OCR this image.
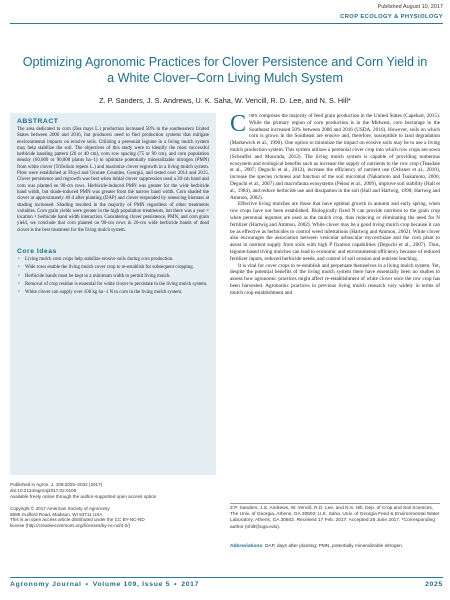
Published August 10, 2017
CROP ECOLOGY & PHYSIOLOGY
Optimizing Agronomic Practices for Clover Persistence and Corn Yield in a White Clover–Corn Living Mulch System
Z. P. Sanders, J. S. Andrews, U. K. Saha, W. Vencill, R. D. Lee, and N. S. Hill*
ABSTRACT

The area dedicated to corn (Zea mays L.) production increased 50% in the southeastern United States between 2006 and 2016, but producers need to find production systems that mitigate environmental impacts on erosive soils. Utilizing a perennial legume in a living mulch system may help stabilize the soil. The objectives of this study were to identify the most successful herbicide banding pattern (20 or 40 cm), corn row spacing (75 or 90 cm), and corn population density (60,000 or 90,000 plants ha−1) to optimize potentially mineralizable nitrogen (PMN) from white clover (Trifolium repens L.) and maximize clover regrowth in a living mulch system. Plots were established at Floyd and Oconee Counties, Georgia, and tested over 2014 and 2015. Clover persistence and regrowth was best when initial clover suppression used a 20-cm band and corn was planted on 90-cm rows. Herbicide-induced PMN was greater for the wide herbicide band width, but shade-induced PMN was greater from the narrow band width. Corn shaded the clover at approximately 40 d after planting (DAP) and clover responded by senescing biomass at shading increased. Shading resulted in the majority of PMN regardless of other treatments variables. Corn grain yields were greater in the high population treatments, but there was a year × location × herbicide band width interaction. Considering clover persistence, PMN, and corn grain yield, we conclude that corn planted on 90-cm rows in 20-cm wide herbicide bands of dead clover is the best treatment for the living mulch system.

Core Ideas
• Living mulch corn crops help stabilize erosive soils during corn production.
• Wide rows enable the living mulch cover crop to re-establish for subsequent cropping.
• Herbicide bands must be kept to a minimum width to permit living mulch.
• Removal of crop residue is essential for white clover to persistate in the living mulch system.
• White clover can supply over 100 kg ha−1 N to corn in the living mulch system.
Published in Agron. J. 109:2025–2032 (2017)
doi:10.2134/agronj2017.02.0106
Available freely online through the author-supported open access option

Copyright © 2017 American Society of Agronomy
5585 Guilford Road, Madison, WI 53711 USA
This is an open access article distributed under the CC BY-NC-ND
license (http://creativecommons.org/licenses/by-nc-nd/4.0/)

Corn comprises the majority of feed grain production in the United States (Capehart, 2015). While the primary region of corn production is in the Midwest, corn hectarage in the Southeast increased 50% between 2006 and 2016 (USDA, 2016). However, soils on which corn is grown in the Southeast are erosive and, therefore, susceptible to land degradation (Markewich et al., 1990). One option to minimize the impact on erosive soils may be to use a living mulch production system. This system utilizes a perennial cover crop into which row crops are sown (Scheaffer and Moncada, 2012). The living mulch system is capable of providing numerous ecosystem and ecological benefits such as increase the supply of nutrients to the row crop (Teasdale et al., 2007; Deguchi et al., 2012), increase the efficiency of nutrient use (Ochsner et al., 2010), increase the species richness and function of the soil microbial (Nakamoto and Tsukamoto, 2006; Deguchi et al., 2007) and macrofauna ecosystems (Pelosi et al., 2009), improve soil stability (Hall et al., 1984), and reduce herbicide use and dissipation in the soil (Hall and Hartwig, 1990; Hartwig and Ammon, 2002).

Effective living mulches are those that have optimal growth in autumn and early spring, when row crops have not been established. Biologically fixed N can provide nutrition to the grain crop when perennial legumes are used as the mulch crop, thus reducing or eliminating the need for N fertilizer (Hartwig and Ammon, 2002). White clover may be a good living mulch crop because it can be as effective as herbicides to control weed infestations (Hartwig and Ammon, 2002). White clover also encourages the association between vesicular arbuscular mycorrhizae and the corn plant to assist in nutrient supply from soils with high P fixation capabilities (Deguchi et al., 2007). Thus, legume-based living mulches can lead to economic and environmental efficiency because of reduced fertilizer inputs, reduced herbicide needs, and control of soil erosion and nutrient leaching.

It is vital for cover crops to re-establish and perpetuate themselves in a living mulch system. Yet, despite the potential benefits of the living mulch system there have essentially been no studies to assess how agronomic practices might affect re-establishment of white clover once the row crop has been harvested. Agronomic practices in previous living mulch research vary widely in terms of mulch crop establishment and

Z.P. Sanders, J.S. Andrews, W. Vencill, R.D. Lee, and N.S. Hill, Dep. of Crop and Soil Sciences, The Univ. of Georgia, Athens, GA 30602; U.K. Saha, Univ. of Georgia Feed & Environmental Water Laboratory, Athens, GA 30602. Received 17 Feb. 2017. Accepted 26 June 2017. *Corresponding author (nhill@uga.edu).
Abbreviations: DAP, days after planting; PMN, potentially mineralizable nitrogen.
Agronomy Journal • Volume 109, Issue 5 • 2017	2025
